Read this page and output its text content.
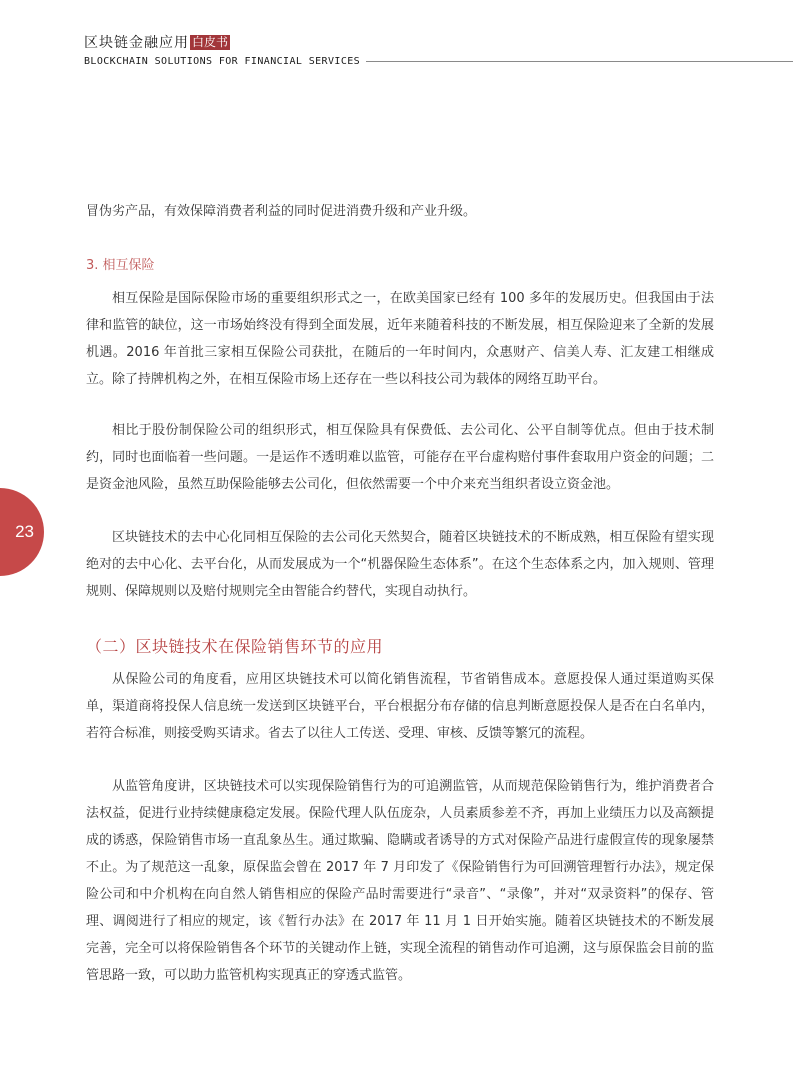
区块链金融应用 白皮书
BLOCKCHAIN SOLUTIONS FOR FINANCIAL SERVICES
23

冒伪劣产品，有效保障消费者利益的同时促进消费升级和产业升级。

3. 相互保险

相互保险是国际保险市场的重要组织形式之一，在欧美国家已经有 100 多年的发展历史。但我国由于法律和监管的缺位，这一市场始终没有得到全面发展，近年来随着科技的不断发展，相互保险迎来了全新的发展机遇。2016 年首批三家相互保险公司获批，在随后的一年时间内，众惠财产、信美人寿、汇友建工相继成立。除了持牌机构之外，在相互保险市场上还存在一些以科技公司为载体的网络互助平台。

相比于股份制保险公司的组织形式，相互保险具有保费低、去公司化、公平自制等优点。但由于技术制约，同时也面临着一些问题。一是运作不透明难以监管，可能存在平台虚构赔付事件套取用户资金的问题；二是资金池风险，虽然互助保险能够去公司化，但依然需要一个中介来充当组织者设立资金池。

区块链技术的去中心化同相互保险的去公司化天然契合，随着区块链技术的不断成熟，相互保险有望实现绝对的去中心化、去平台化，从而发展成为一个“机器保险生态体系”。在这个生态体系之内，加入规则、管理规则、保障规则以及赔付规则完全由智能合约替代，实现自动执行。

（二）区块链技术在保险销售环节的应用

从保险公司的角度看，应用区块链技术可以简化销售流程，节省销售成本。意愿投保人通过渠道购买保单，渠道商将投保人信息统一发送到区块链平台，平台根据分布存储的信息判断意愿投保人是否在白名单内，若符合标准，则接受购买请求。省去了以往人工传送、受理、审核、反馈等繁冗的流程。

从监管角度讲，区块链技术可以实现保险销售行为的可追溯监管，从而规范保险销售行为，维护消费者合法权益，促进行业持续健康稳定发展。保险代理人队伍庞杂，人员素质参差不齐，再加上业绩压力以及高额提成的诱惑，保险销售市场一直乱象丛生。通过欺骗、隐瞒或者诱导的方式对保险产品进行虚假宣传的现象屡禁不止。为了规范这一乱象，原保监会曾在 2017 年 7 月印发了《保险销售行为可回溯管理暂行办法》，规定保险公司和中介机构在向自然人销售相应的保险产品时需要进行“录音”、“录像”，并对“双录资料”的保存、管理、调阅进行了相应的规定，该《暂行办法》在 2017 年 11 月 1 日开始实施。随着区块链技术的不断发展完善，完全可以将保险销售各个环节的关键动作上链，实现全流程的销售动作可追溯，这与原保监会目前的监管思路一致，可以助力监管机构实现真正的穿透式监管。
